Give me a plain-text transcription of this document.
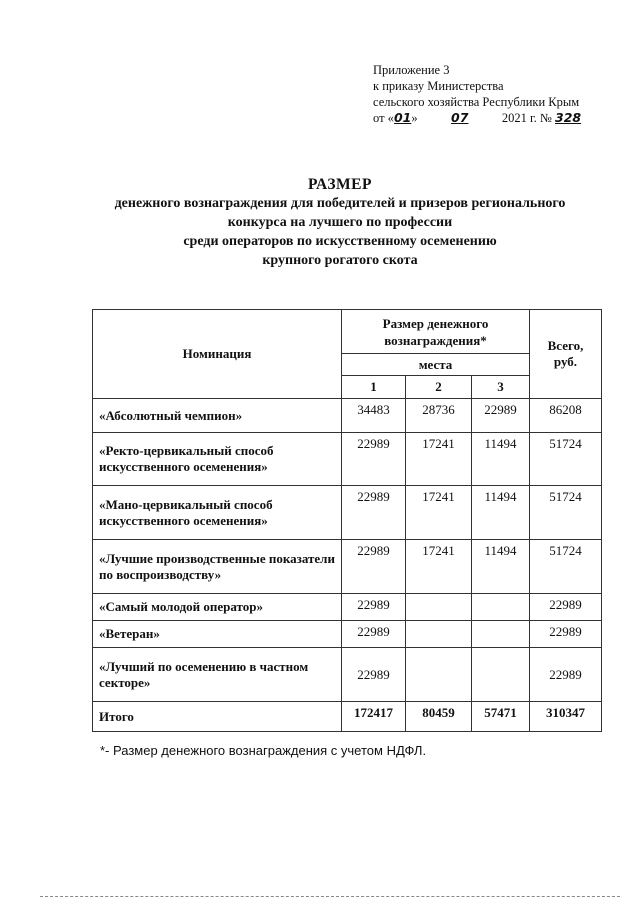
Приложение 3
к приказу Министерства
сельского хозяйства Республики Крым
от «01»	07	2021 г. № 328
РАЗМЕР
денежного вознаграждения для победителей и призеров регионального
конкурса на лучшего по профессии
среди операторов по искусственному осеменению
крупного рогатого скота
Номинация	Размер денежного вознаграждения*			Всего, руб.
	места			
	1	2	3	
«Абсолютный чемпион»	34483	28736	22989	86208
«Ректо-цервикальный способ искусственного осеменения»	22989	17241	11494	51724
«Мано-цервикальный способ искусственного осеменения»	22989	17241	11494	51724
«Лучшие производственные показатели по воспроизводству»	22989	17241	11494	51724
«Самый молодой оператор»	22989			22989
«Ветеран»	22989			22989
«Лучший по осеменению в частном секторе»	22989			22989
Итого	172417	80459	57471	310347
*- Размер денежного вознаграждения с учетом НДФЛ.
